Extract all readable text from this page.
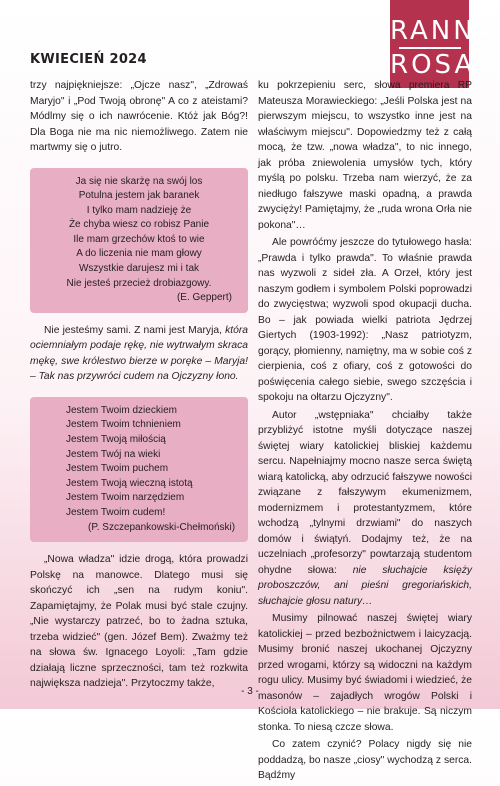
KWIECIEŃ 2024
RANNA
ROSA

trzy najpiękniejsze: „Ojcze nasz", „Zdrowaś Maryjo" i „Pod Twoją obronę" A co z ateistami? Módlmy się o ich nawrócenie. Któż jak Bóg?! Dla Boga nie ma nic niemożliwego. Zatem nie martwmy się o jutro.

Ja się nie skarżę na swój los
Potulna jestem jak baranek
I tylko mam nadzieję że
Że chyba wiesz co robisz Panie
Ile mam grzechów ktoś to wie
A do liczenia nie mam głowy
Wszystkie darujesz mi i tak
Nie jesteś przecież drobiazgowy.
(E. Geppert)

Nie jesteśmy sami. Z nami jest Maryja, która ociemniałym podaje rękę, nie wytrwałym skraca mękę, swe królestwo bierze w poręke – Maryja! – Tak nas przywróci cudem na Ojczyzny łono.

Jestem Twoim dzieckiem
Jestem Twoim tchnieniem
Jestem Twoją miłością
Jestem Twój na wieki
Jestem Twoim puchem
Jestem Twoją wieczną istotą
Jestem Twoim narzędziem
Jestem Twoim cudem!
(P. Szczepankowski-Chełmoński)

„Nowa władza" idzie drogą, która prowadzi Polskę na manowce. Dlatego musi się skończyć ich „sen na rudym koniu". Zapamiętajmy, że Polak musi być stale czujny. „Nie wystarczy patrzeć, bo to żadna sztuka, trzeba widzieć" (gen. Józef Bem). Zważmy też na słowa św. Ignacego Loyoli: „Tam gdzie działają liczne sprzeczności, tam też rozkwita największa nadzieja". Przytoczmy także,

ku pokrzepieniu serc, słowa premiera RP Mateusza Morawieckiego: „Jeśli Polska jest na pierwszym miejscu, to wszystko inne jest na właściwym miejscu". Dopowiedzmy też z całą mocą, że tzw. „nowa władza", to nic innego, jak próba zniewolenia umysłów tych, który myślą po polsku. Trzeba nam wierzyć, że za niedługo fałszywe maski opadną, a prawda zwycięży! Pamiętajmy, że „ruda wrona Orła nie pokona"…

Ale powróćmy jeszcze do tytułowego hasła: „Prawda i tylko prawda". To właśnie prawda nas wyzwoli z sideł zła. A Orzeł, który jest naszym godłem i symbolem Polski poprowadzi do zwycięstwa; wyzwoli spod okupacji ducha. Bo – jak powiada wielki patriota Jędrzej Giertych (1903-1992): „Nasz patriotyzm, gorący, płomienny, namiętny, ma w sobie coś z cierpienia, coś z ofiary, coś z gotowości do poświęcenia całego siebie, swego szczęścia i spokoju na ołtarzu Ojczyzny".

Autor „wstępniaka" chciałby także przybliżyć istotne myśli dotyczące naszej świętej wiary katolickiej bliskiej każdemu sercu. Napełniajmy mocno nasze serca świętą wiarą katolicką, aby odrzucić fałszywe nowości związane z fałszywym ekumenizmem, modernizmem i protestantyzmem, które wchodzą „tylnymi drzwiami" do naszych domów i świątyń. Dodajmy też, że na uczelniach „profesorzy" powtarzają studentom ohydne słowa: nie słuchajcie księży proboszczów, ani pieśni gregoriańskich, słuchajcie głosu natury…

Musimy pilnować naszej świętej wiary katolickiej – przed bezbożnictwem i laicyzacją. Musimy bronić naszej ukochanej Ojczyzny przed wrogami, którzy są widoczni na każdym rogu ulicy. Musimy być świadomi i wiedzieć, że masonów – zajadłych wrogów Polski i Kościoła katolickiego – nie brakuje. Są niczym stonka. To niesą czcze słowa.

Co zatem czynić? Polacy nigdy się nie poddadzą, bo nasze „ciosy" wychodzą z serca. Bądźmy

- 3 -
